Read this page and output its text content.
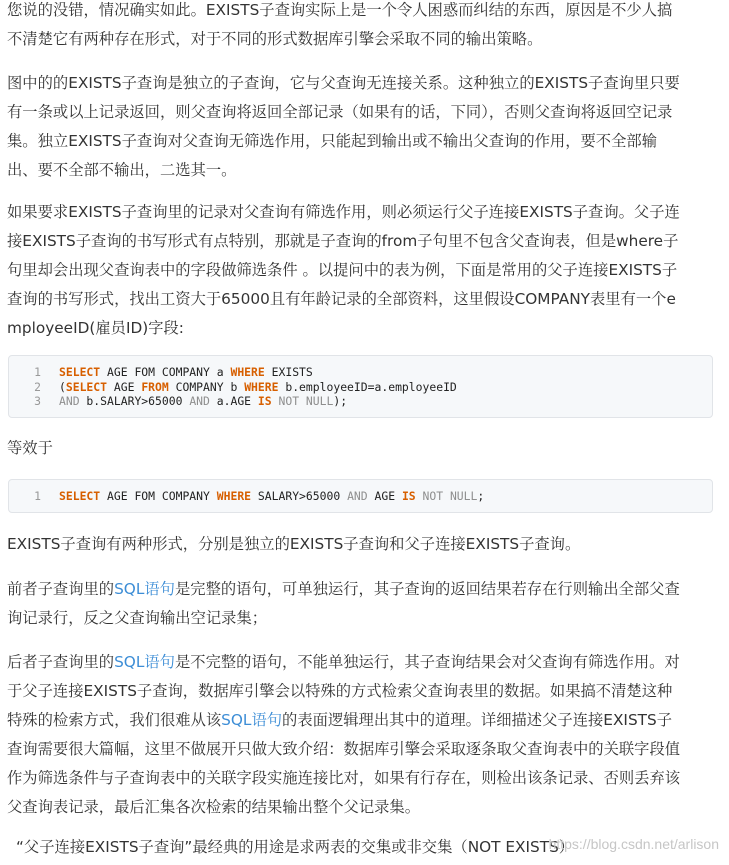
您说的没错，情况确实如此。EXISTS子查询实际上是一个令人困惑而纠结的东西，原因是不少人搞
不清楚它有两种存在形式，对于不同的形式数据库引擎会采取不同的输出策略。

图中的的EXISTS子查询是独立的子查询，它与父查询无连接关系。这种独立的EXISTS子查询里只要
有一条或以上记录返回，则父查询将返回全部记录（如果有的话，下同），否则父查询将返回空记录
集。独立EXISTS子查询对父查询无筛选作用，只能起到输出或不输出父查询的作用，要不全部输
出、要不全部不输出，二选其一。

如果要求EXISTS子查询里的记录对父查询有筛选作用，则必须运行父子连接EXISTS子查询。父子连
接EXISTS子查询的书写形式有点特别，那就是子查询的from子句里不包含父查询表，但是where子
句里却会出现父查询表中的字段做筛选条件 。以提问中的表为例，下面是常用的父子连接EXISTS子
查询的书写形式，找出工资大于65000且有年龄记录的全部资料，这里假设COMPANY表里有一个e
mployeeID(雇员ID)字段:

1	SELECT AGE FOM COMPANY a WHERE EXISTS
2	(SELECT AGE FROM COMPANY b WHERE b.employeeID=a.employeeID
3	AND b.SALARY>65000 AND a.AGE IS NOT NULL);

等效于

1	SELECT AGE FOM COMPANY WHERE SALARY>65000 AND AGE IS NOT NULL;

EXISTS子查询有两种形式，分别是独立的EXISTS子查询和父子连接EXISTS子查询。

前者子查询里的SQL语句是完整的语句，可单独运行，其子查询的返回结果若存在行则输出全部父查
询记录行，反之父查询输出空记录集；

后者子查询里的SQL语句是不完整的语句，不能单独运行，其子查询结果会对父查询有筛选作用。对
于父子连接EXISTS子查询，数据库引擎会以特殊的方式检索父查询表里的数据。如果搞不清楚这种
特殊的检索方式，我们很难从该SQL语句的表面逻辑理出其中的道理。详细描述父子连接EXISTS子
查询需要很大篇幅，这里不做展开只做大致介绍：数据库引擎会采取逐条取父查询表中的关联字段值
作为筛选条件与子查询表中的关联字段实施连接比对，如果有行存在，则检出该条记录、否则丢弃该
父查询表记录，最后汇集各次检索的结果输出整个父记录集。

“父子连接EXISTS子查询”最经典的用途是求两表的交集或非交集（NOT EXISTS）

https://blog.csdn.net/arlison
